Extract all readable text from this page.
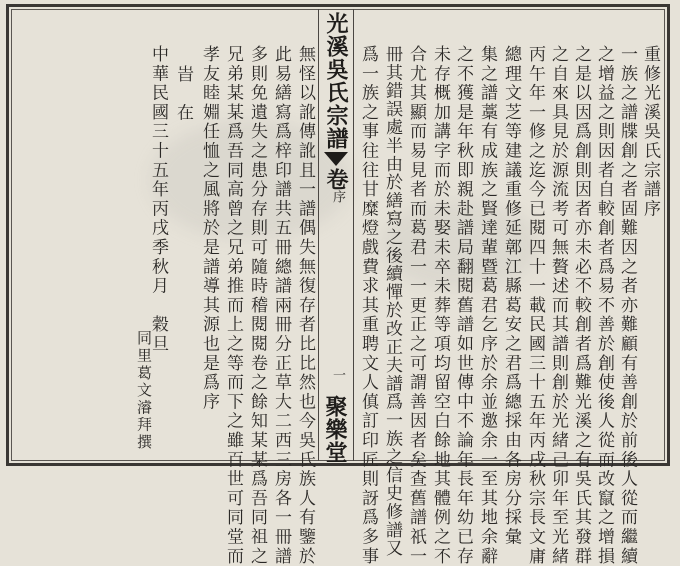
光溪吳氏宗譜卷
序
一
聚樂堂
重修光溪吳氏宗譜序
一族之譜牒創之者固難因之者亦難顧有善創於前後人從而繼續
之增益之則因者自較創者爲易不善於創使後人從而改竄之增損
之是以因爲創則因者亦未必不較創者爲難光溪之有吳氏其發群
之自來具見於源流考可無贅述而其譜則創於光緒己卯年至光緒
丙午年一修之迄今已閱四十一載民國三十五年丙戌秋宗長文庸
總理文芝等建議重修延鄣江縣葛安之君爲總採由各房分採彙
集之譜藁有成族之賢達輩暨葛君乞序於余並邀余一至其地余辭
之不獲是年秋即親赴譜局翻閱舊譜如世傳中不論年長年幼已存
未存概加講字而於未娶未卒未葬等項均留空白餘地其體例之不
合尤其顯而易見者而葛君一一更正之可謂善因者矣查舊譜祇一
冊其錯誤處半由於繕寫之後續憚於改正夫譜爲一族之信史修譜又
爲一族之事往往甘糜燈戲費求其重聘文人傎訂印匠則訝爲多事
無怪以訛傳訛且一譜偶失無復存者比比然也今吳氏族人有鑒於
此易繕寫爲梓印譜共五冊總譜兩冊分正草大二西三房各一冊譜
多則免遺失之患分存則可隨時稽閱閱卷之餘知某某爲吾同祖之
兄弟某某爲吾同高曾之兄弟推而上之等而下之雖百世可同堂而
孝友睦婣任恤之風將於是譜導其源也是爲序
旹　在
中華民國三十五年丙戌季秋月　穀旦
同里葛文濬拜撰
